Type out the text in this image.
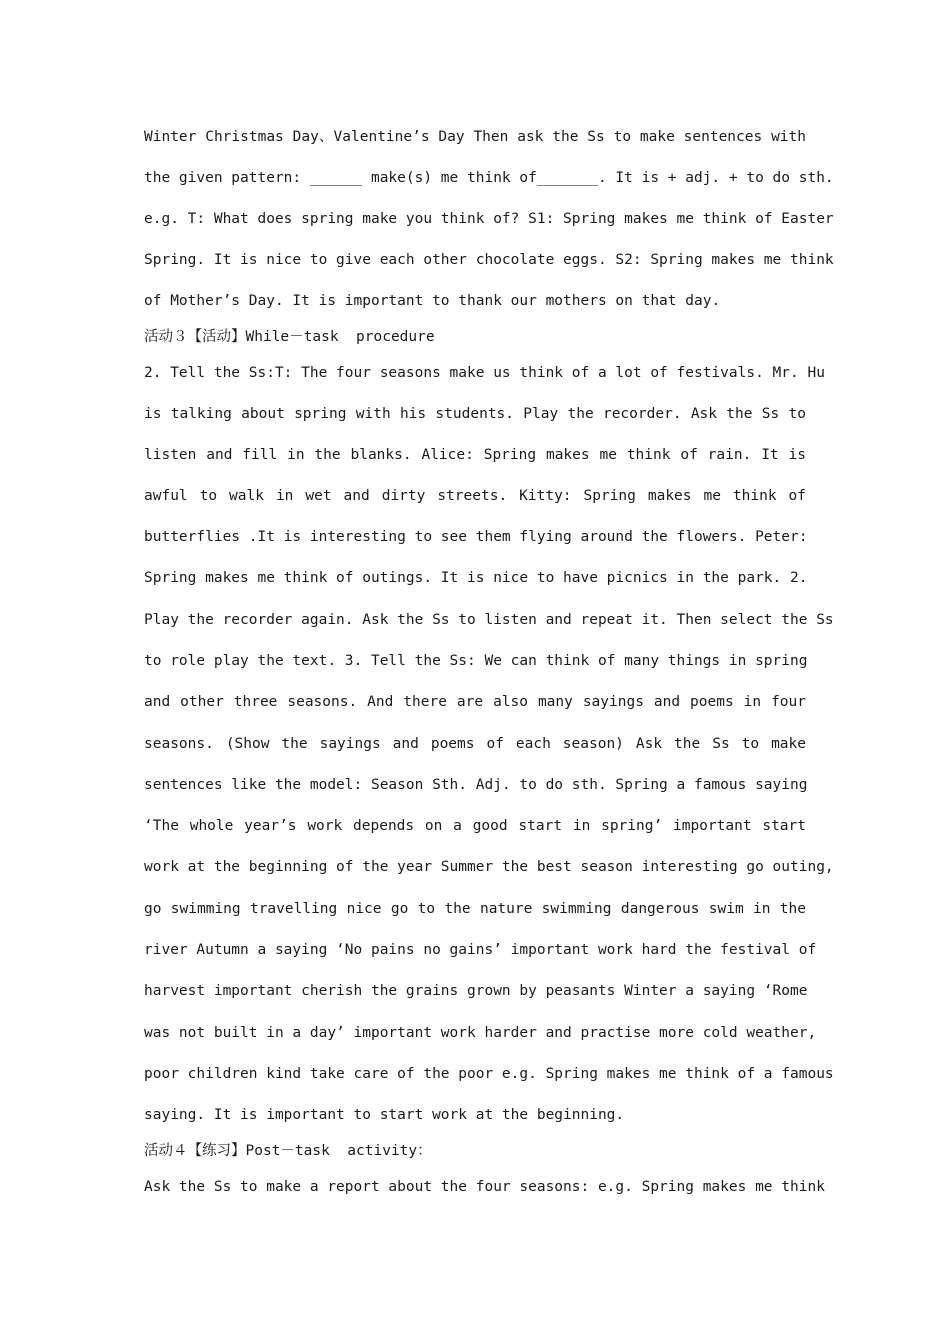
Winter Christmas Day、Valentine’s Day Then ask the Ss to make sentences with
the given pattern: ______ make(s) me think of_______. It is + adj. + to do sth.
e.g. T: What does spring make you think of? S1: Spring makes me think of Easter
Spring. It is nice to give each other chocolate eggs. S2: Spring makes me think
of Mother’s Day. It is important to thank our mothers on that day.
活动３【活动】While－task  procedure
2. Tell the Ss:T: The four seasons make us think of a lot of festivals. Mr. Hu
is talking about spring with his students. Play the recorder. Ask the Ss to
listen and fill in the blanks. Alice: Spring makes me think of rain. It is
awful to walk in wet and dirty streets. Kitty: Spring makes me think of
butterflies .It is interesting to see them flying around the flowers. Peter:
Spring makes me think of outings. It is nice to have picnics in the park. 2.
Play the recorder again. Ask the Ss to listen and repeat it. Then select the Ss
to role play the text. 3. Tell the Ss: We can think of many things in spring
and other three seasons. And there are also many sayings and poems in four
seasons. (Show the sayings and poems of each season) Ask the Ss to make
sentences like the model: Season Sth. Adj. to do sth. Spring a famous saying
‘The whole year’s work depends on a good start in spring’ important start
work at the beginning of the year Summer the best season interesting go outing,
go swimming travelling nice go to the nature swimming dangerous swim in the
river Autumn a saying ‘No pains no gains’ important work hard the festival of
harvest important cherish the grains grown by peasants Winter a saying ‘Rome
was not built in a day’ important work harder and practise more cold weather,
poor children kind take care of the poor e.g. Spring makes me think of a famous
saying. It is important to start work at the beginning.
活动４【练习】Post－task  activity：
Ask the Ss to make a report about the four seasons: e.g. Spring makes me think
